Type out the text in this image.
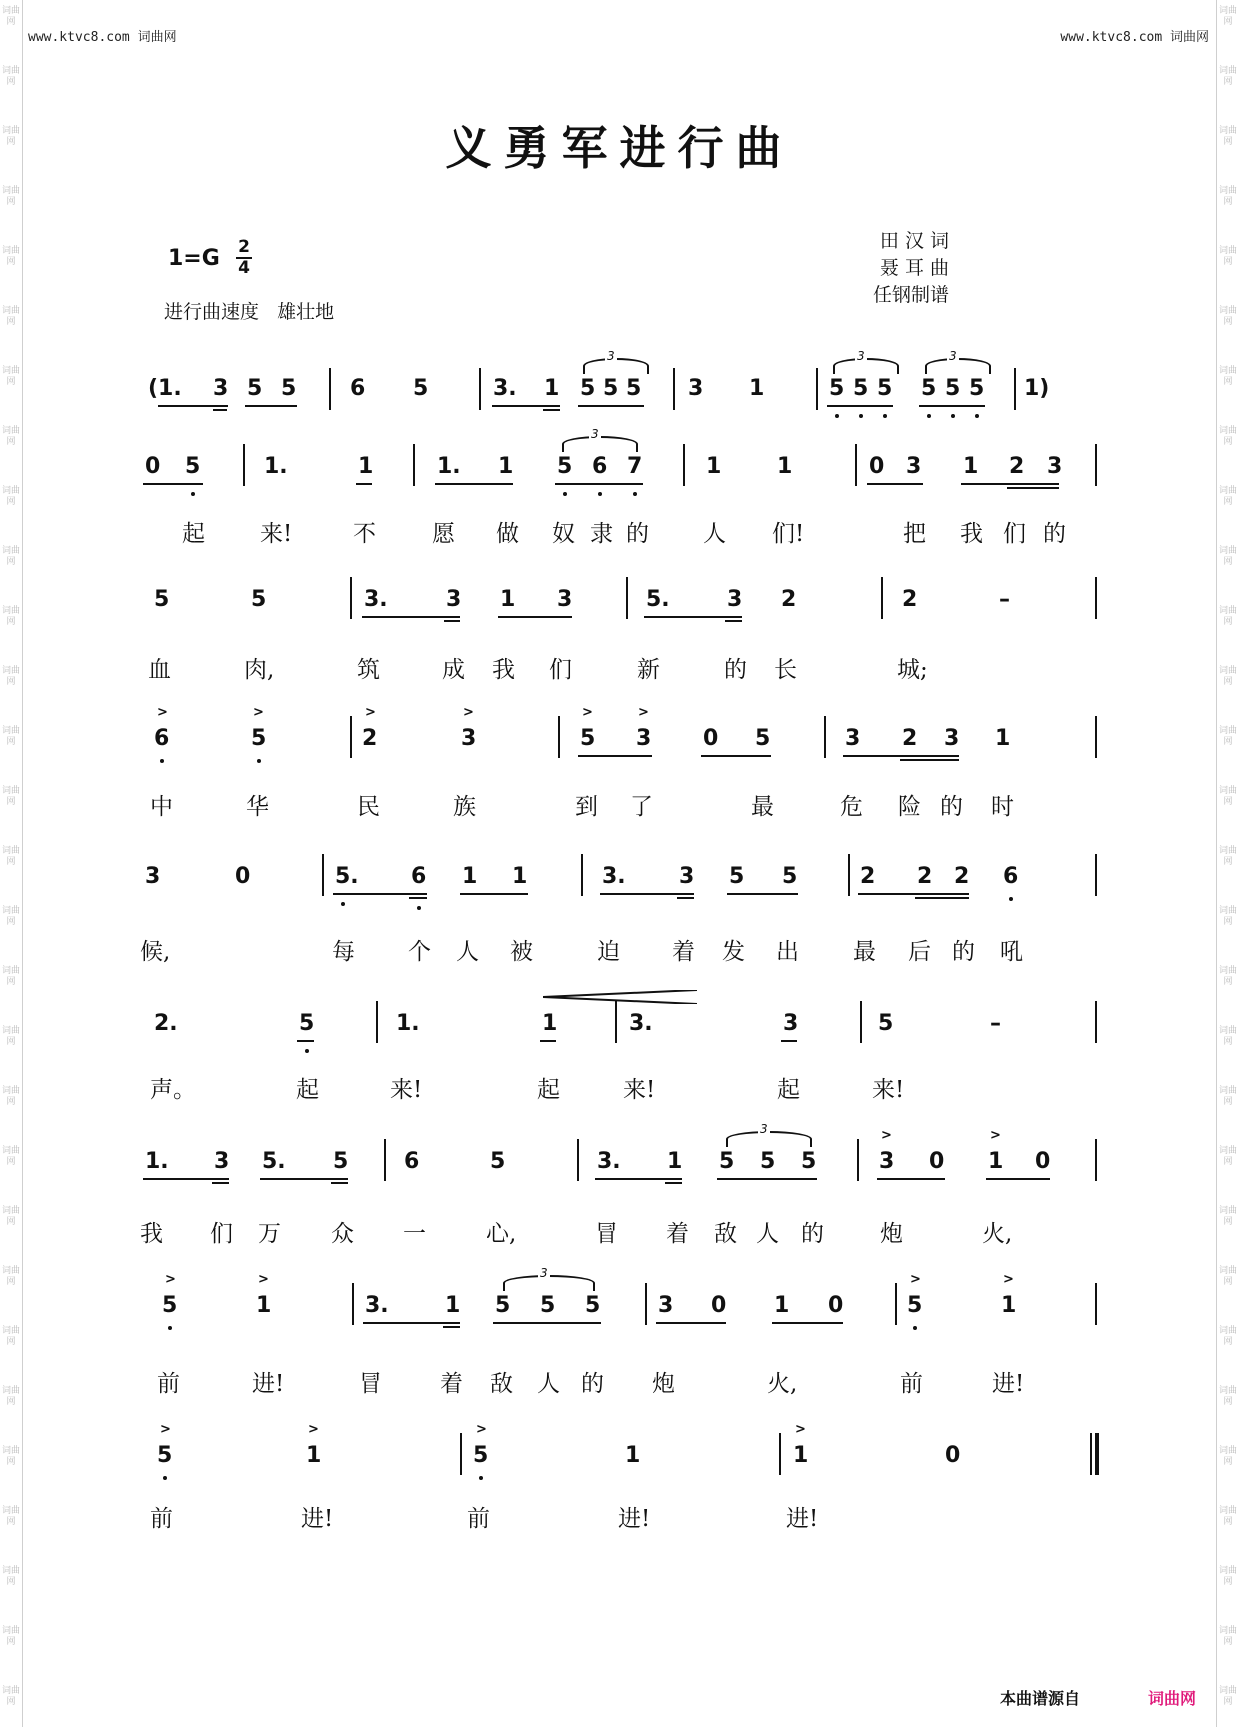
词曲网
词曲网
词曲网
词曲网
词曲网
词曲网
词曲网
词曲网
词曲网
词曲网
词曲网
词曲网
词曲网
词曲网
词曲网
词曲网
词曲网
词曲网
词曲网
词曲网
词曲网
词曲网
词曲网
词曲网
词曲网
词曲网
词曲网
词曲网
词曲网
词曲网
词曲网
词曲网
词曲网
词曲网
词曲网
词曲网
词曲网
词曲网
词曲网
词曲网
词曲网
词曲网
词曲网
词曲网
词曲网
词曲网
词曲网
词曲网
词曲网
词曲网
词曲网
词曲网
词曲网
词曲网
词曲网
词曲网
词曲网
词曲网
www.ktvc8.com 词曲网	www.ktvc8.com 词曲网
义勇军进行曲
1=G 2
4
进行曲速度   雄壮地
田 汉 词
聂 耳 曲
任钢制谱
(1. 3 5 5 6 5	3. 1
3
5 5 5 3 1
3
5 5 5
3
5 5 5 1)
0 5	1.	1	1. 1
3
5 6 7	1	1	0 3 1 2 3
起 来!	不 愿 做 奴 隶 的 人 们!	把 我 们 的
5	5	3.	3 1 3	5.	3 2	2	–
血	肉,	筑	成 我 们	新	的 长	城;
>
6
>
5
>
2
>
3
>
5
>
3 0 5	3 2 3 1
中	华	民	族	到 了	最	危 险 的 时
3	0	5. 6 1 1	3. 3 5 5	2 2 2 6
候,	每 个 人 被	迫 着 发 出 最 后 的 吼
2.	5	1.	1	3.	3	5	–
声。	起	来!	起	来!	起	来!
1. 3 5. 5	6	5	3. 1
3
5 5 5
>
3 0
>
1 0
我 们 万 众 一	心,	冒 着 敌 人 的 炮	火,
>
5
>
1	3.	1
3
5 5 5	3 0 1 0
>
5
>
1
前	进!	冒	着 敌 人 的 炮	火,	前	进!
>
5
>
1
>
5	1
>
1	0
前	进!	前	进!	进!
本曲谱源自	词曲网
